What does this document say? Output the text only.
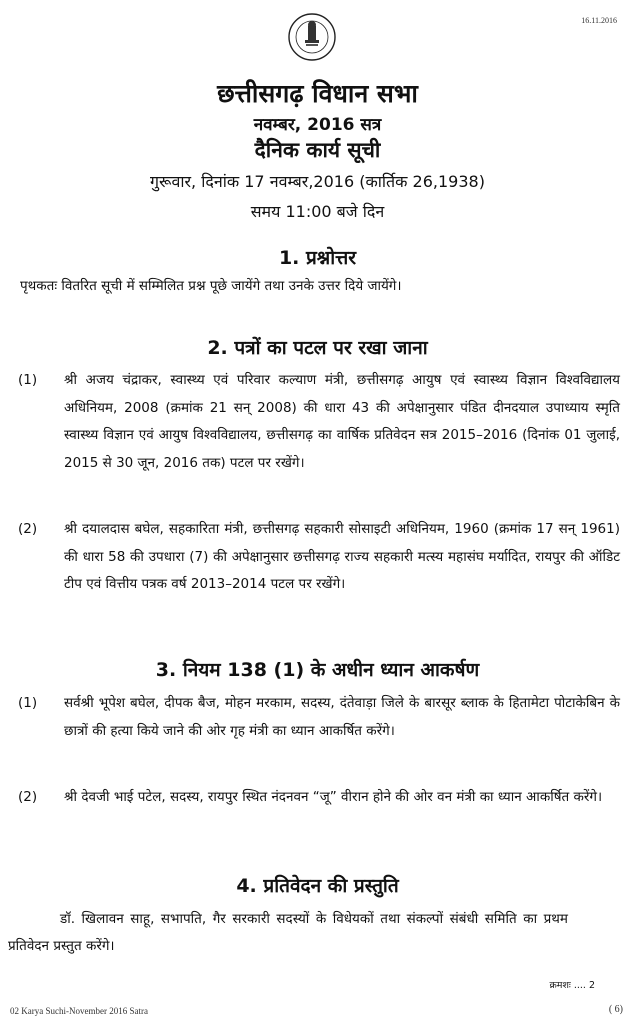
16.11.2016
छत्तीसगढ़ विधान सभा
नवम्बर, 2016 सत्र
दैनिक कार्य सूची
गुरूवार, दिनांक 17 नवम्बर,2016 (कार्तिक 26,1938)
समय 11:00 बजे दिन
1. प्रश्नोत्तर
पृथकतः वितरित सूची में सम्मिलित प्रश्न पूछे जायेंगे तथा उनके उत्तर दिये जायेंगे।
2. पत्रों का पटल पर रखा जाना
(1) श्री अजय चंद्राकर, स्वास्थ्य एवं परिवार कल्याण मंत्री, छत्तीसगढ़ आयुष एवं स्वास्थ्य विज्ञान विश्वविद्यालय अधिनियम, 2008 (क्रमांक 21 सन् 2008) की धारा 43 की अपेक्षानुसार पंडित दीनदयाल उपाध्याय स्मृति स्वास्थ्य विज्ञान एवं आयुष विश्वविद्यालय, छत्तीसगढ़ का वार्षिक प्रतिवेदन सत्र 2015–2016 (दिनांक 01 जुलाई, 2015 से 30 जून, 2016 तक) पटल पर रखेंगे।
(2) श्री दयालदास बघेल, सहकारिता मंत्री, छत्तीसगढ़ सहकारी सोसाइटी अधिनियम, 1960 (क्रमांक 17 सन् 1961) की धारा 58 की उपधारा (7) की अपेक्षानुसार छत्तीसगढ़ राज्य सहकारी मत्स्य महासंघ मर्यादित, रायपुर की ऑडिट टीप एवं वित्तीय पत्रक वर्ष 2013–2014 पटल पर रखेंगे।
3. नियम 138 (1) के अधीन ध्यान आकर्षण
(1) सर्वश्री भूपेश बघेल, दीपक बैज, मोहन मरकाम, सदस्य, दंतेवाड़ा जिले के बारसूर ब्लाक के हितामेटा पोटाकेबिन के छात्रों की हत्या किये जाने की ओर गृह मंत्री का ध्यान आकर्षित करेंगे।
(2) श्री देवजी भाई पटेल, सदस्य, रायपुर स्थित नंदनवन “जू” वीरान होने की ओर वन मंत्री का ध्यान आकर्षित करेंगे।
4. प्रतिवेदन की प्रस्तुति
डॉ. खिलावन साहू, सभापति, गैर सरकारी सदस्यों के विधेयकों तथा संकल्पों संबंधी समिति का प्रथम प्रतिवेदन प्रस्तुत करेंगे।
क्रमशः .... 2
02 Karya Suchi-November 2016 Satra	( 6)
